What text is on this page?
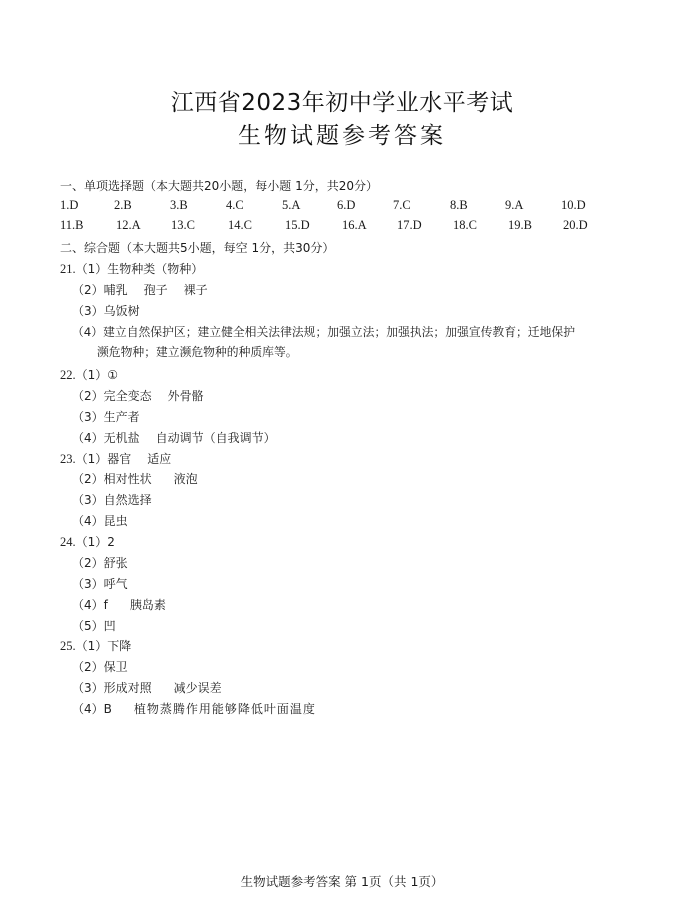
江西省2023年初中学业水平考试
生物试题参考答案
一、单项选择题（本大题共20小题，每小题 1分，共20分）
1.D	2.B	3.B	4.C	5.A	6.D	7.C	8.B	9.A	10.D
11.B	12.A 13.C	14.C	15.D	16.A 17.D	18.C 19.B 20.D
二、综合题（本大题共5小题，每空 1分，共30分）
21.（1）生物种类（物种）
（2）哺乳 孢子 裸子
（3）乌饭树
（4）建立自然保护区；建立健全相关法律法规；加强立法；加强执法；加强宣传教育；迁地保护
濒危物种；建立濒危物种的种质库等。
22.（1）①
（2）完全变态 外骨骼
（3）生产者
（4）无机盐 自动调节（自我调节）
23.（1）器官 适应
（2）相对性状 液泡
（3）自然选择
（4）昆虫
24.（1）2
（2）舒张
（3）呼气
（4）f 胰岛素
（5）凹
25.（1）下降
（2）保卫
（3）形成对照 减少误差
（4）B 植物蒸腾作用能够降低叶面温度
生物试题参考答案 第 1页（共 1页）
